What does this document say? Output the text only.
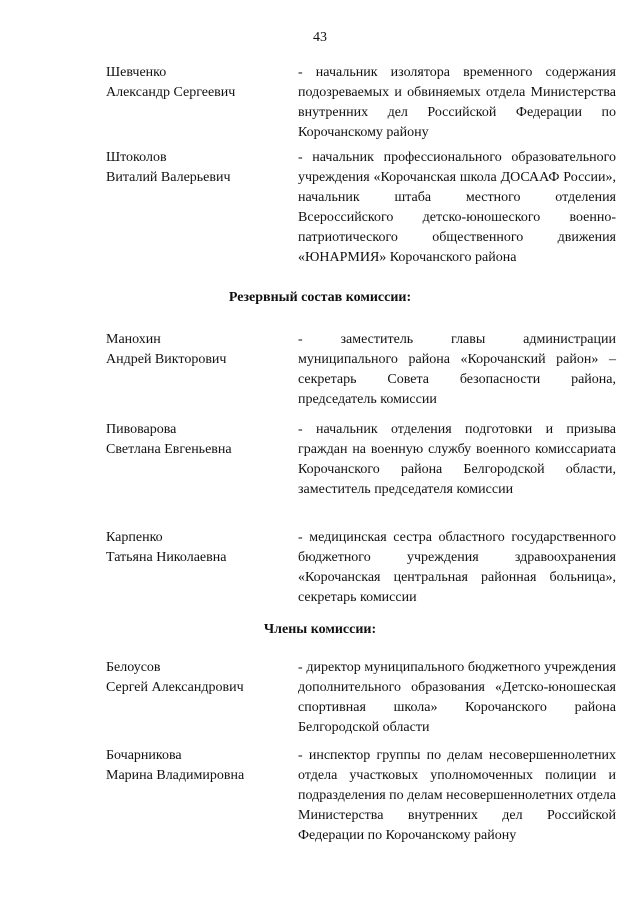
43
Шевченко
Александр Сергеевич
- начальник изолятора временного содержания подозреваемых и обвиняемых отдела Министерства внутренних дел Российской Федерации по Корочанскому району
Штоколов
Виталий Валерьевич
- начальник профессионального образовательного учреждения «Корочанская школа ДОСААФ России», начальник штаба местного отделения Всероссийского детско-юношеского военно-патриотического общественного движения «ЮНАРМИЯ» Корочанского района
Резервный состав комиссии:
Манохин
Андрей Викторович
- заместитель главы администрации муниципального района «Корочанский район» – секретарь Совета безопасности района, председатель комиссии
Пивоварова
Светлана Евгеньевна
- начальник отделения подготовки и призыва граждан на военную службу военного комиссариата Корочанского района Белгородской области, заместитель председателя комиссии
Карпенко
Татьяна Николаевна
- медицинская сестра областного государственного бюджетного учреждения здравоохранения «Корочанская центральная районная больница», секретарь комиссии
Члены комиссии:
Белоусов
Сергей Александрович
- директор муниципального бюджетного учреждения дополнительного образования «Детско-юношеская спортивная школа» Корочанского района Белгородской области
Бочарникова
Марина Владимировна
- инспектор группы по делам несовершеннолетних отдела участковых уполномоченных полиции и подразделения по делам несовершеннолетних отдела Министерства внутренних дел Российской Федерации по Корочанскому району
